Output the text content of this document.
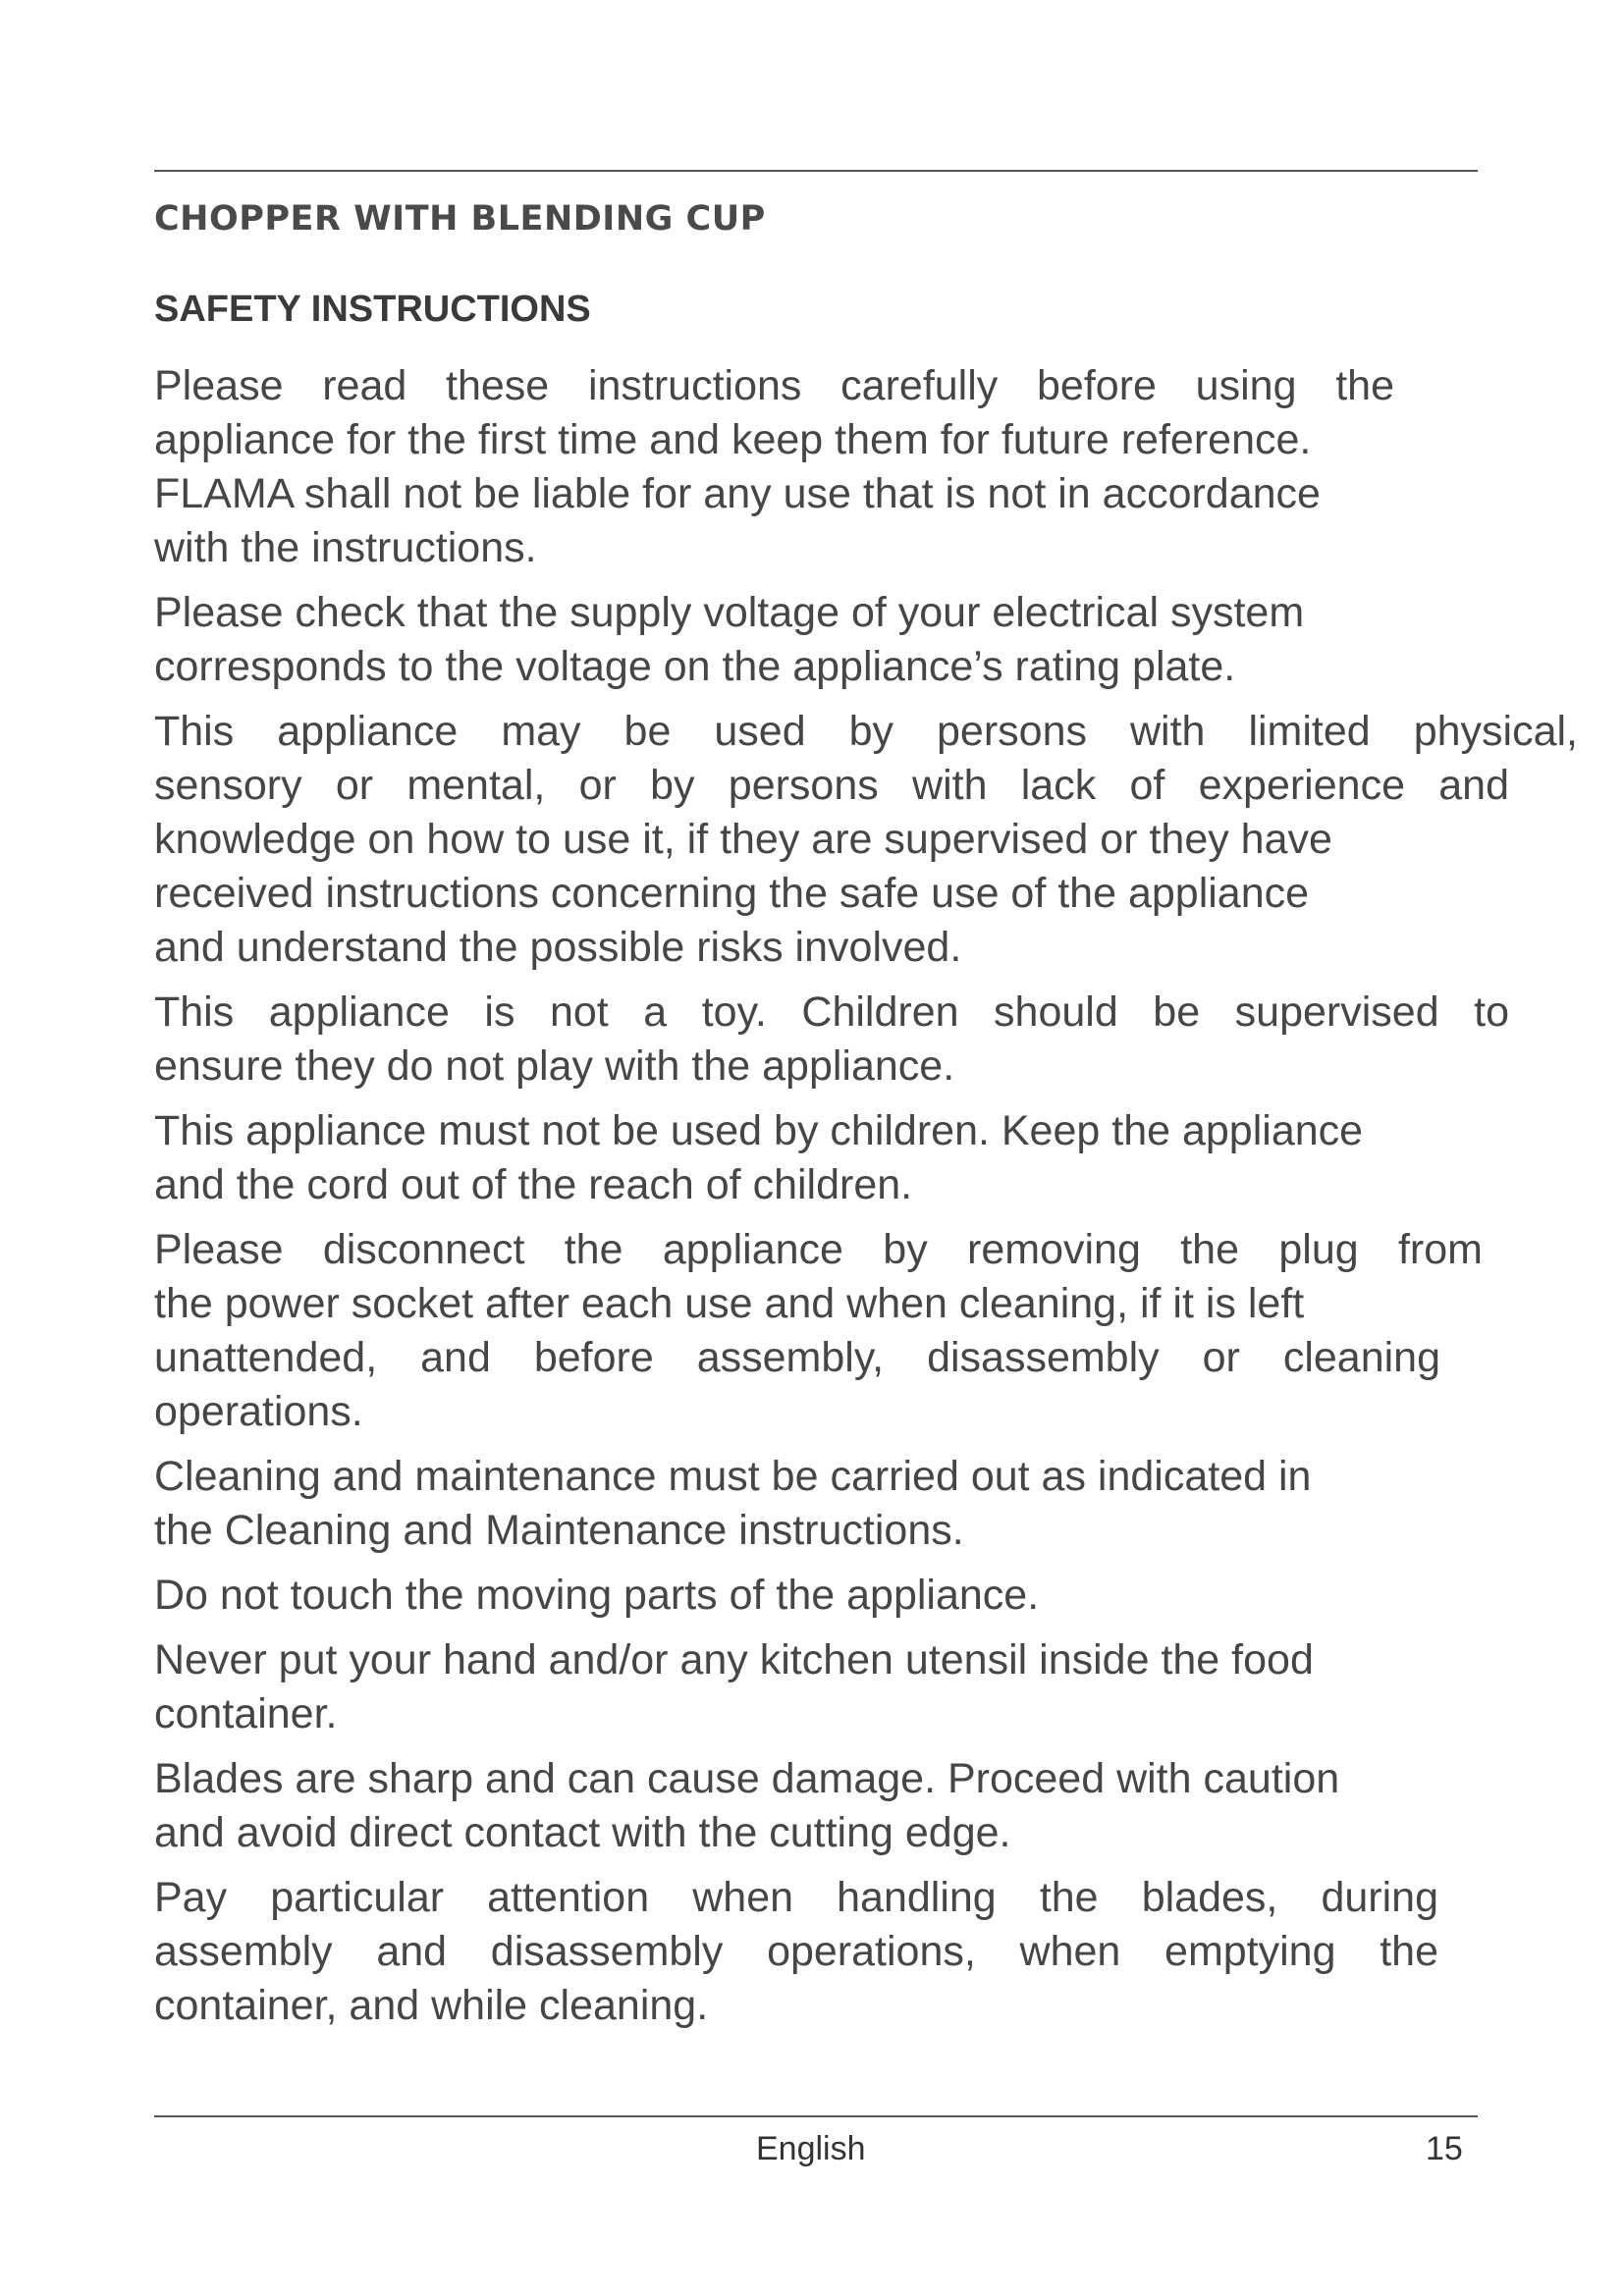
CHOPPER WITH BLENDING CUP
SAFETY INSTRUCTIONS
Please read these instructions carefully before using the
appliance for the first time and keep them for future reference.
FLAMA shall not be liable for any use that is not in accordance
with the instructions.
Please check that the supply voltage of your electrical system
corresponds to the voltage on the appliance’s rating plate.
This appliance may be used by persons with limited physical,
sensory or mental, or by persons with lack of experience and
knowledge on how to use it, if they are supervised or they have
received instructions concerning the safe use of the appliance
and understand the possible risks involved.
This appliance is not a toy. Children should be supervised to
ensure they do not play with the appliance.
This appliance must not be used by children. Keep the appliance
and the cord out of the reach of children.
Please disconnect the appliance by removing the plug from
the power socket after each use and when cleaning, if it is left
unattended, and before assembly, disassembly or cleaning
operations.
Cleaning and maintenance must be carried out as indicated in
the Cleaning and Maintenance instructions.
Do not touch the moving parts of the appliance.
Never put your hand and/or any kitchen utensil inside the food
container.
Blades are sharp and can cause damage. Proceed with caution
and avoid direct contact with the cutting edge.
Pay particular attention when handling the blades, during
assembly and disassembly operations, when emptying the
container, and while cleaning.
English	15
